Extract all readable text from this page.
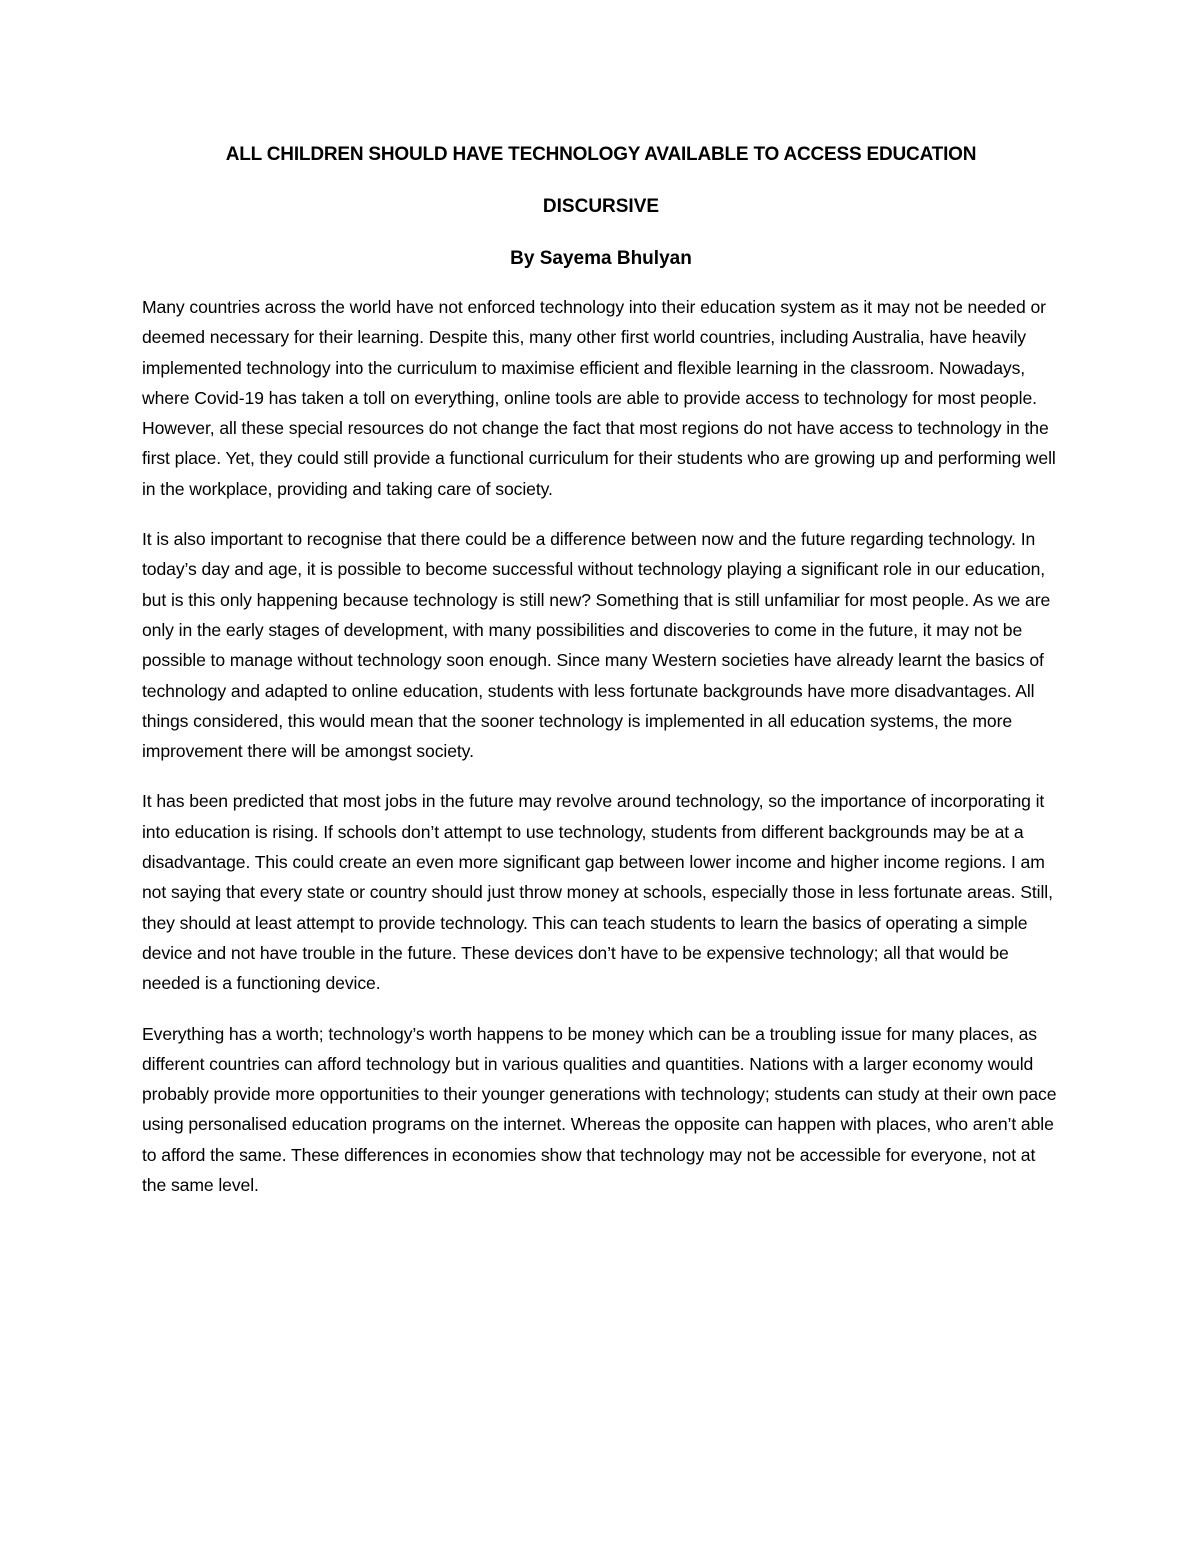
ALL CHILDREN SHOULD HAVE TECHNOLOGY AVAILABLE TO ACCESS EDUCATION
DISCURSIVE
By Sayema Bhulyan

Many countries across the world have not enforced technology into their education system as it may not be needed or deemed necessary for their learning. Despite this, many other first world countries, including Australia, have heavily implemented technology into the curriculum to maximise efficient and flexible learning in the classroom. Nowadays, where Covid-19 has taken a toll on everything, online tools are able to provide access to technology for most people. However, all these special resources do not change the fact that most regions do not have access to technology in the first place. Yet, they could still provide a functional curriculum for their students who are growing up and performing well in the workplace, providing and taking care of society.

It is also important to recognise that there could be a difference between now and the future regarding technology. In today’s day and age, it is possible to become successful without technology playing a significant role in our education, but is this only happening because technology is still new? Something that is still unfamiliar for most people. As we are only in the early stages of development, with many possibilities and discoveries to come in the future, it may not be possible to manage without technology soon enough. Since many Western societies have already learnt the basics of technology and adapted to online education, students with less fortunate backgrounds have more disadvantages. All things considered, this would mean that the sooner technology is implemented in all education systems, the more improvement there will be amongst society.

It has been predicted that most jobs in the future may revolve around technology, so the importance of incorporating it into education is rising. If schools don’t attempt to use technology, students from different backgrounds may be at a disadvantage. This could create an even more significant gap between lower income and higher income regions. I am not saying that every state or country should just throw money at schools, especially those in less fortunate areas. Still, they should at least attempt to provide technology. This can teach students to learn the basics of operating a simple device and not have trouble in the future. These devices don’t have to be expensive technology; all that would be needed is a functioning device.

Everything has a worth; technology’s worth happens to be money which can be a troubling issue for many places, as different countries can afford technology but in various qualities and quantities. Nations with a larger economy would probably provide more opportunities to their younger generations with technology; students can study at their own pace using personalised education programs on the internet. Whereas the opposite can happen with places, who aren’t able to afford the same. These differences in economies show that technology may not be accessible for everyone, not at the same level.
